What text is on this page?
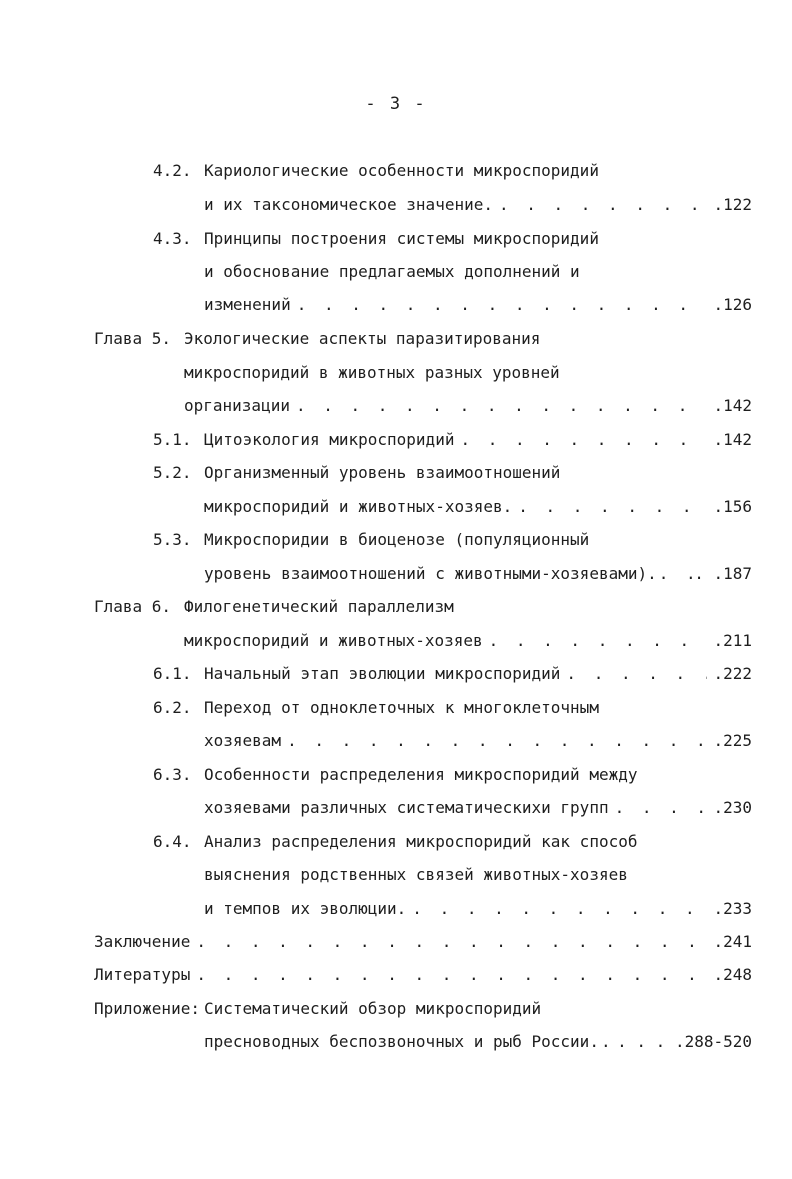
- 3 -
4.2. Кариологические особенности микроспоридий
и их таксономическое значение. . . .	.122
4.3. Принципы построения системы микроспоридий
и обоснование предлагаемых дополнений и
изменений . . .	.126
Глава 5. Экологические аспекты паразитирования
микроспоридий в животных разных уровней
организации . . .	.142
5.1. Цитоэкология микроспоридий . . .	.142
5.2. Организменный уровень взаимоотношений
микроспоридий и животных-хозяев. . . .	.156
5.3. Микроспоридии в биоценозе (популяционный
уровень взаимоотношений с животными-хозяевами). . . . . .187
Глава 6. Филогенетический параллелизм
микроспоридий и животных-хозяев . . .	.211
6.1. Начальный этап эволюции микроспоридий . . .	.222
6.2. Переход от одноклеточных к многоклеточным
хозяевам . . .	.225
6.3. Особенности распределения микроспоридий между
хозяевами различных систематическихи групп . . .	.230
6.4. Анализ распределения микроспоридий как способ
выяснения родственных связей животных-хозяев
и темпов их эволюции. . . .	.233
Заключение . . .	.241
Литературы . . .	.248
Приложение: Систематический обзор микроспоридий
пресноводных беспозвоночных и рыб России. . . . . . . .288-520
